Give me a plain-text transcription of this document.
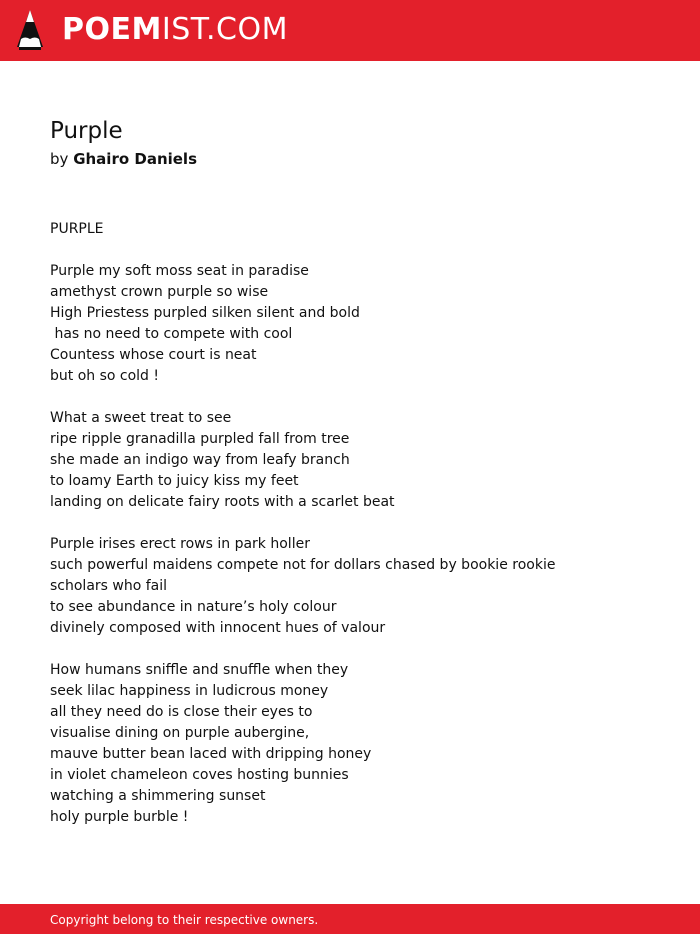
POEMIST.COM
Purple
by Ghairo Daniels
PURPLE
Purple my soft moss seat in paradise
amethyst crown purple so wise
High Priestess purpled silken silent and bold
has no need to compete with cool
Countess whose court is neat
but oh so cold !
What a sweet treat to see
ripe ripple granadilla purpled fall from tree
she made an indigo way from leafy branch
to loamy Earth to juicy kiss my feet
landing on delicate fairy roots with a scarlet beat
Purple irises erect rows in park holler
such powerful maidens compete not for dollars chased by bookie rookie
scholars who fail
to see abundance in nature’s holy colour
divinely composed with innocent hues of valour
How humans sniffle and snuffle when they
seek lilac happiness in ludicrous money
all they need do is close their eyes to
visualise dining on purple aubergine,
mauve butter bean laced with dripping honey
in violet chameleon coves hosting bunnies
watching a shimmering sunset
holy purple burble !
Copyright belong to their respective owners.
